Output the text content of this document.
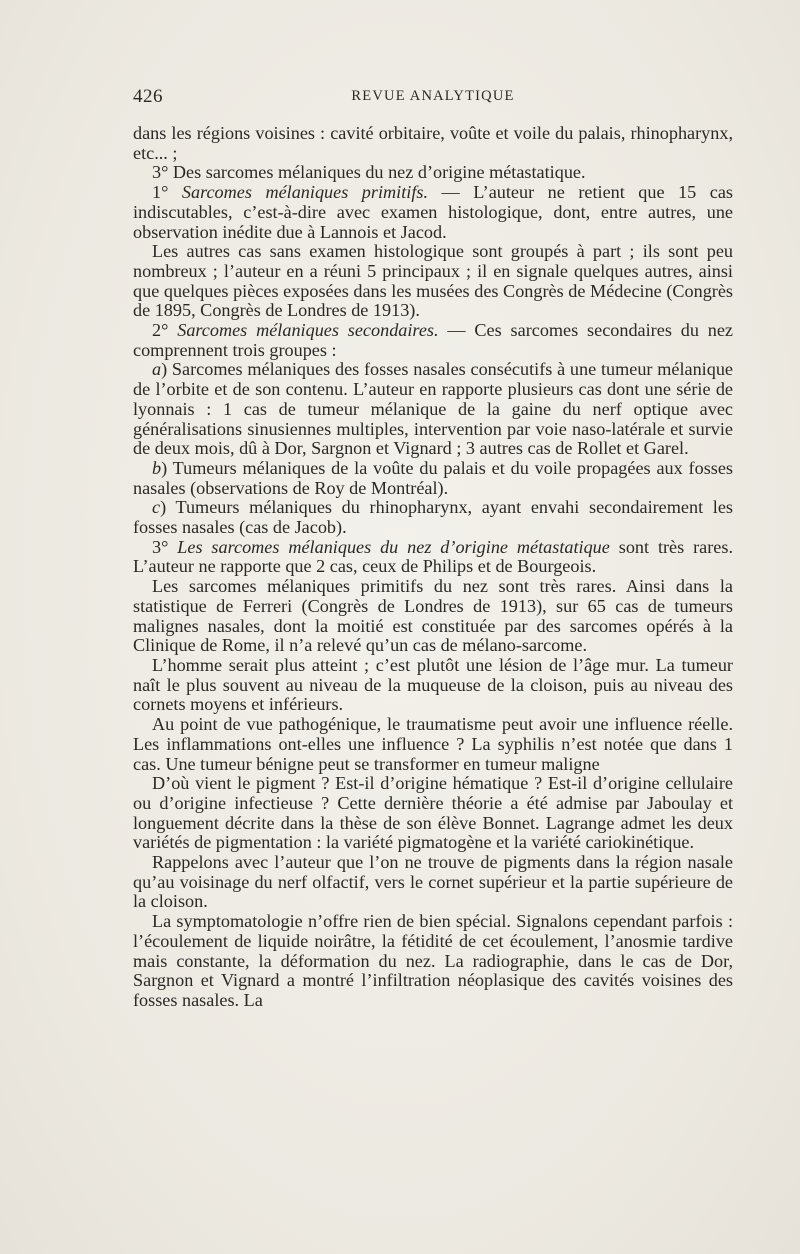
426	REVUE ANALYTIQUE

dans les régions voisines : cavité orbitaire, voûte et voile du palais, rhinopharynx, etc... ;

3° Des sarcomes mélaniques du nez d’origine métastatique.

1° Sarcomes mélaniques primitifs. — L’auteur ne retient que 15 cas indiscutables, c’est-à-dire avec examen histologique, dont, entre autres, une observation inédite due à Lannois et Jacod.

Les autres cas sans examen histologique sont groupés à part ; ils sont peu nombreux ; l’auteur en a réuni 5 principaux ; il en signale quelques autres, ainsi que quelques pièces exposées dans les musées des Congrès de Médecine (Congrès de 1895, Congrès de Londres de 1913).

2° Sarcomes mélaniques secondaires. — Ces sarcomes secondaires du nez comprennent trois groupes :

a) Sarcomes mélaniques des fosses nasales consécutifs à une tumeur mélanique de l’orbite et de son contenu. L’auteur en rapporte plusieurs cas dont une série de lyonnais : 1 cas de tumeur mélanique de la gaine du nerf optique avec généralisations sinusiennes multiples, intervention par voie naso-latérale et survie de deux mois, dû à Dor, Sargnon et Vignard ; 3 autres cas de Rollet et Garel.

b) Tumeurs mélaniques de la voûte du palais et du voile propagées aux fosses nasales (observations de Roy de Montréal).

c) Tumeurs mélaniques du rhinopharynx, ayant envahi secondairement les fosses nasales (cas de Jacob).

3° Les sarcomes mélaniques du nez d’origine métastatique sont très rares. L’auteur ne rapporte que 2 cas, ceux de Philips et de Bourgeois.

Les sarcomes mélaniques primitifs du nez sont très rares. Ainsi dans la statistique de Ferreri (Congrès de Londres de 1913), sur 65 cas de tumeurs malignes nasales, dont la moitié est constituée par des sarcomes opérés à la Clinique de Rome, il n’a relevé qu’un cas de mélano-sarcome.

L’homme serait plus atteint ; c’est plutôt une lésion de l’âge mur. La tumeur naît le plus souvent au niveau de la muqueuse de la cloison, puis au niveau des cornets moyens et inférieurs.

Au point de vue pathogénique, le traumatisme peut avoir une influence réelle. Les inflammations ont-elles une influence ? La syphilis n’est notée que dans 1 cas. Une tumeur bénigne peut se transformer en tumeur maligne

D’où vient le pigment ? Est-il d’origine hématique ? Est-il d’origine cellulaire ou d’origine infectieuse ? Cette dernière théorie a été admise par Jaboulay et longuement décrite dans la thèse de son élève Bonnet. Lagrange admet les deux variétés de pigmentation : la variété pigmatogène et la variété cariokinétique.

Rappelons avec l’auteur que l’on ne trouve de pigments dans la région nasale qu’au voisinage du nerf olfactif, vers le cornet supérieur et la partie supérieure de la cloison.

La symptomatologie n’offre rien de bien spécial. Signalons cependant parfois : l’écoulement de liquide noirâtre, la fétidité de cet écoulement, l’anosmie tardive mais constante, la déformation du nez. La radiographie, dans le cas de Dor, Sargnon et Vignard a montré l’infiltration néoplasique des cavités voisines des fosses nasales. La
